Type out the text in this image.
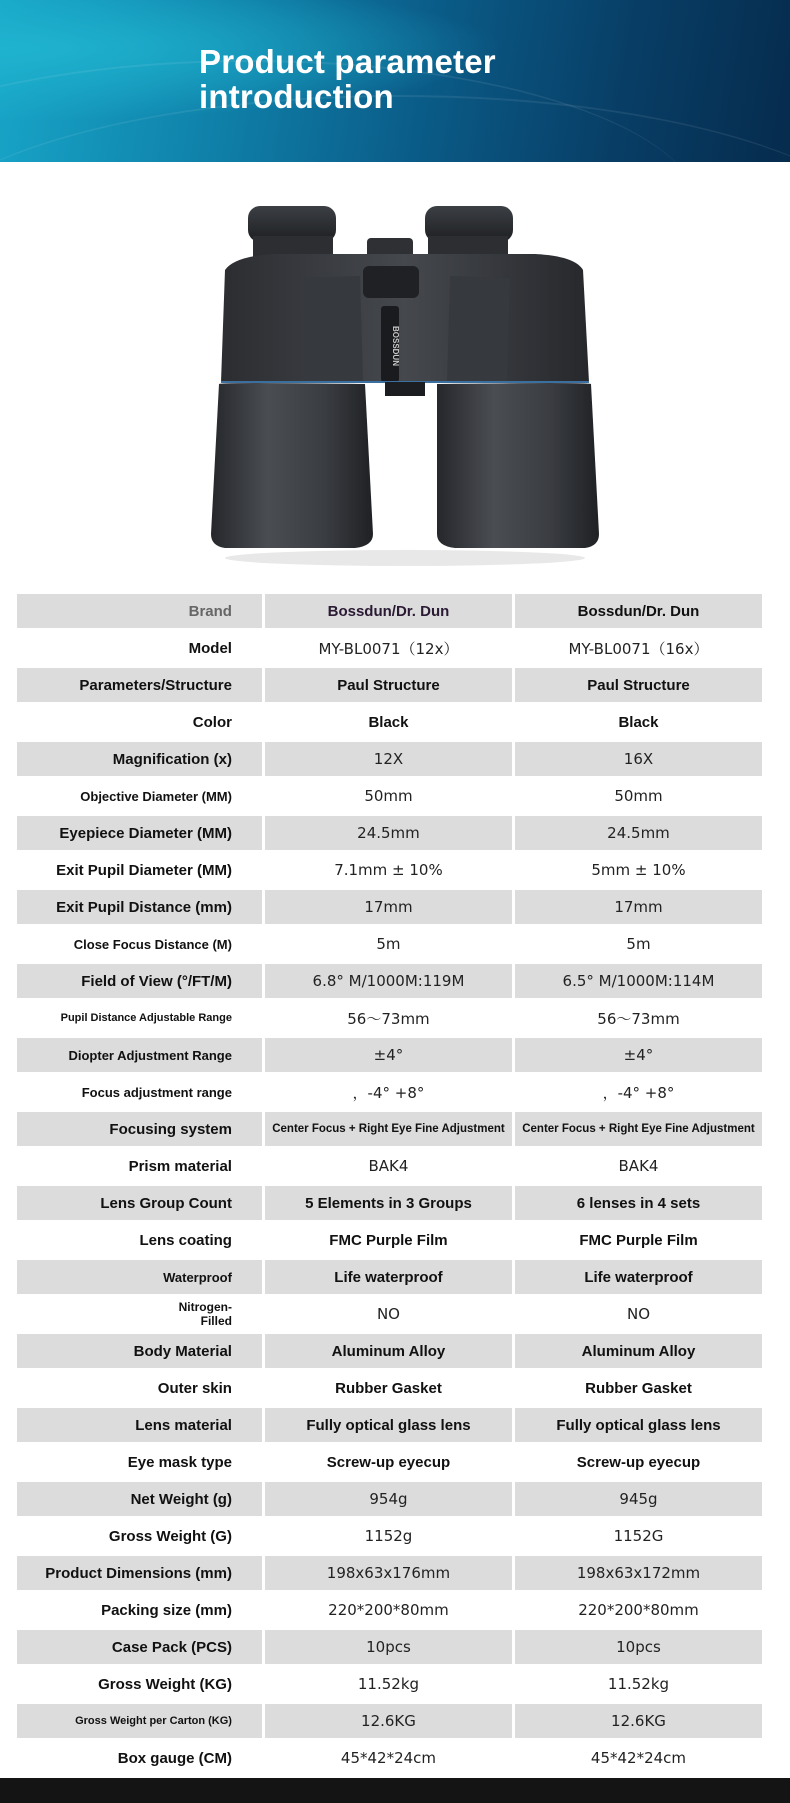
Product parameter
introduction
BOSSDUN
Brand	Bossdun/Dr. Dun	Bossdun/Dr. Dun
Model	MY-BL0071（12x）	MY-BL0071（16x）
Parameters/Structure	Paul Structure	Paul Structure
Color	Black	Black
Magnification (x)	12X	16X
Objective Diameter (MM)	50mm	50mm
Eyepiece Diameter (MM)	24.5mm	24.5mm
Exit Pupil Diameter (MM)	7.1mm ± 10%	5mm ± 10%
Exit Pupil Distance (mm)	17mm	17mm
Close Focus Distance (M)	5m	5m
Field of View (°/FT/M)	6.8° M/1000M:119M	6.5° M/1000M:114M
Pupil Distance Adjustable Range	56～73mm	56～73mm
Diopter Adjustment Range	±4°	±4°
Focus adjustment range	，-4° +8°	，-4° +8°
Focusing system	Center Focus + Right Eye Fine Adjustment	Center Focus + Right Eye Fine Adjustment
Prism material	BAK4	BAK4
Lens Group Count	5 Elements in 3 Groups	6 lenses in 4 sets
Lens coating	FMC Purple Film	FMC Purple Film
Waterproof	Life waterproof	Life waterproof
Nitrogen-Filled	NO	NO
Body Material	Aluminum Alloy	Aluminum Alloy
Outer skin	Rubber Gasket	Rubber Gasket
Lens material	Fully optical glass lens	Fully optical glass lens
Eye mask type	Screw-up eyecup	Screw-up eyecup
Net Weight (g)	954g	945g
Gross Weight (G)	1152g	1152G
Product Dimensions (mm)	198x63x176mm	198x63x172mm
Packing size (mm)	220*200*80mm	220*200*80mm
Case Pack (PCS)	10pcs	10pcs
Gross Weight (KG)	11.52kg	11.52kg
Gross Weight per Carton (KG)	12.6KG	12.6KG
Box gauge (CM)	45*42*24cm	45*42*24cm
